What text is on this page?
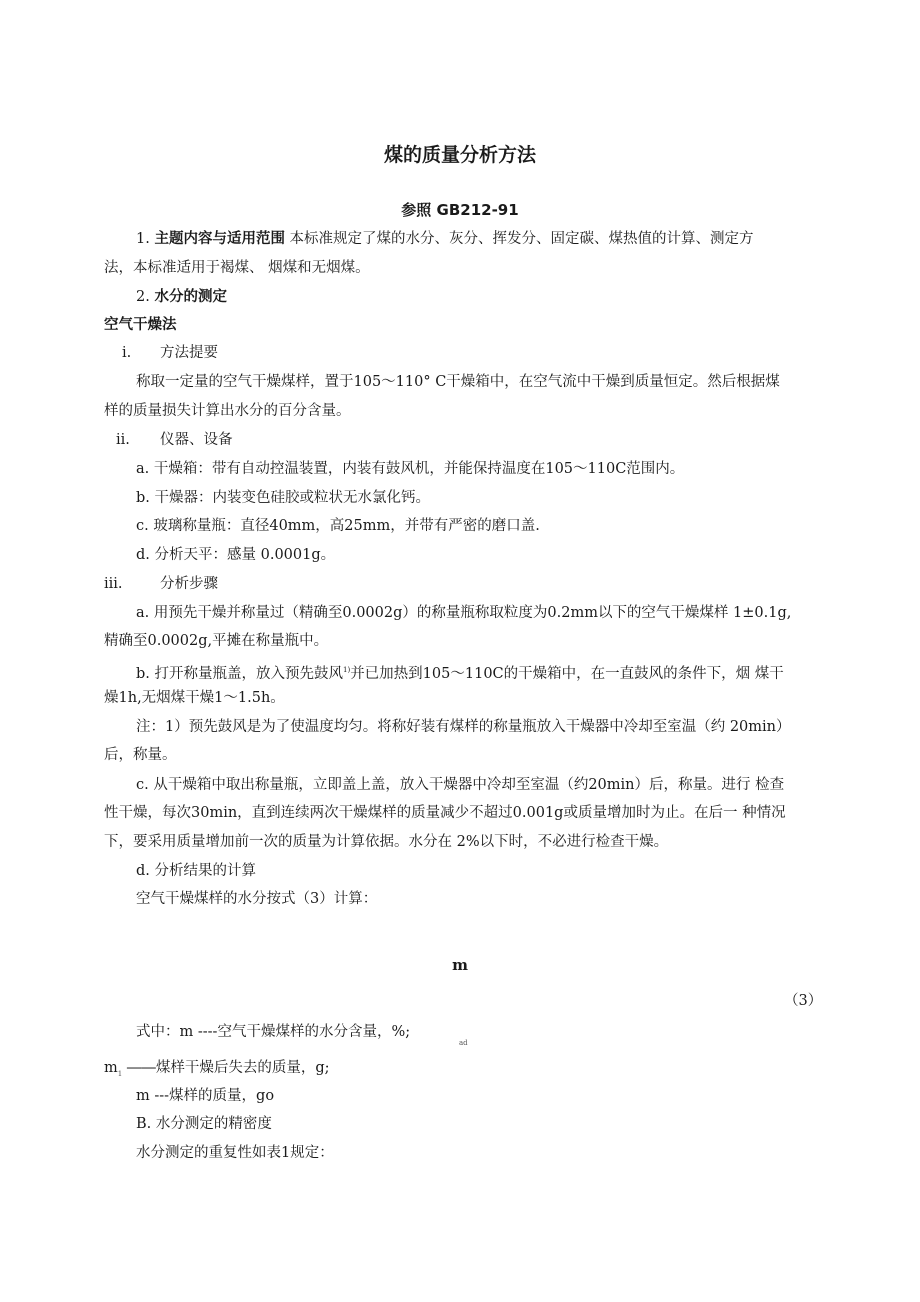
煤的质量分析方法
参照 GB212-91
1. 主题内容与适用范围 本标准规定了煤的水分、灰分、挥发分、固定碳、煤热值的计算、测定方
法，本标准适用于褐煤、 烟煤和无烟煤。
2. 水分的测定
空气干燥法
i. 方法提要
称取一定量的空气干燥煤样，置于105〜110° C干燥箱中，在空气流中干燥到质量恒定。然后根据煤
样的质量损失计算出水分的百分含量。
ii. 仪器、设备
a. 干燥箱：带有自动控温装置，内装有鼓风机，并能保持温度在105〜110C范围内。
b. 干燥器：内装变色硅胶或粒状无水氯化钙。
c. 玻璃称量瓶：直径40mm，高25mm，并带有严密的磨口盖.
d. 分析天平：感量 0.0001g。
iii.	分析步骤
a. 用预先干燥并称量过（精确至0.0002g）的称量瓶称取粒度为0.2mm以下的空气干燥煤样 1±0.1g,
精确至0.0002g,平摊在称量瓶中。
b. 打开称量瓶盖，放入预先鼓风$^{1)}$并已加热到105〜110C的干燥箱中，在一直鼓风的条件下，烟 煤干
燥1h,无烟煤干燥1〜1.5h。
注：1）预先鼓风是为了使温度均匀。将称好装有煤样的称量瓶放入干燥器中冷却至室温（约 20min）
后，称量。
c. 从干燥箱中取出称量瓶，立即盖上盖，放入干燥器中冷却至室温（约20min）后，称量。进行 检查
性干燥，每次30min，直到连续两次干燥煤样的质量减少不超过0.001g或质量增加时为止。在后一 种情况
下，要采用质量增加前一次的质量为计算依据。水分在 2%以下时，不必进行检查干燥。
d. 分析结果的计算
空气干燥煤样的水分按式（3）计算：
m
（3）
式中：m ----空气干燥煤样的水分含量，%;
ad
$m_1$ ――煤样干燥后失去的质量，g;
m ---煤样的质量，go
B. 水分测定的精密度
水分测定的重复性如表1规定：
